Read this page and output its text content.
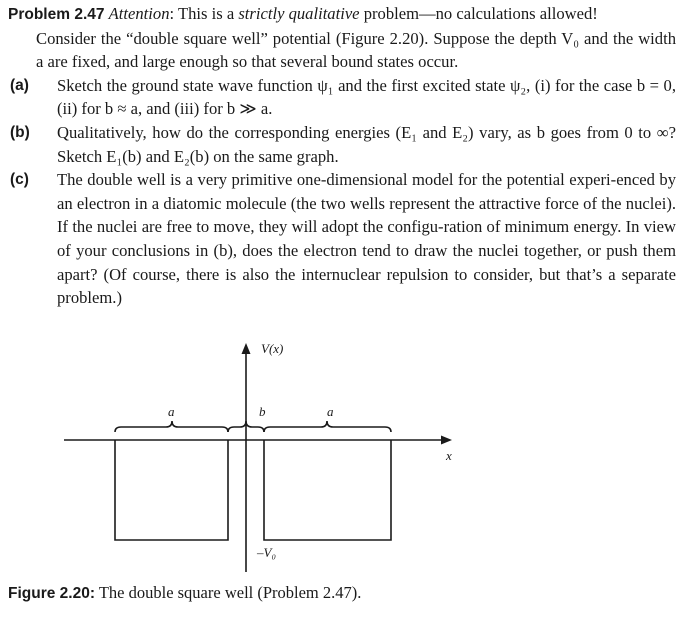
Problem 2.47 Attention: This is a strictly qualitative problem—no calculations allowed!
Consider the “double square well” potential (Figure 2.20). Suppose the depth V₀ and the width a are fixed, and large enough so that several bound states occur.

(a)	Sketch the ground state wave function ψ₁ and the first excited state ψ₂, (i) for the case b = 0, (ii) for b ≈ a, and (iii) for b ≫ a.
(b)	Qualitatively, how do the corresponding energies (E₁ and E₂) vary, as b goes from 0 to ∞? Sketch E₁(b) and E₂(b) on the same graph.
(c)	The double well is a very primitive one-dimensional model for the potential experi-enced by an electron in a diatomic molecule (the two wells represent the attractive force of the nuclei). If the nuclei are free to move, they will adopt the configu-ration of minimum energy. In view of your conclusions in (b), does the electron tend to draw the nuclei together, or push them apart? (Of course, there is also the internuclear repulsion to consider, but that’s a separate problem.)
V(x)
x
a	b	a
–V₀
Figure 2.20: The double square well (Problem 2.47).
